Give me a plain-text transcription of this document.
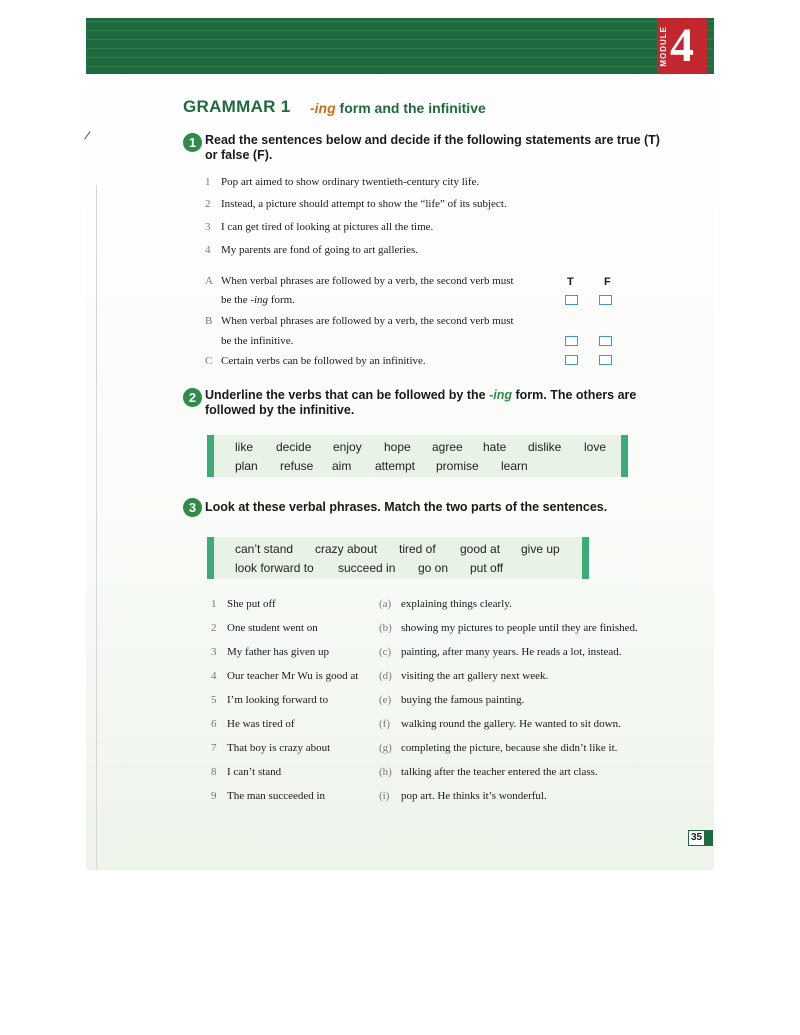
MODULE 4
GRAMMAR 1 -ing form and the infinitive
1 Read the sentences below and decide if the following statements are true (T) or false (F).
1 Pop art aimed to show ordinary twentieth-century city life.
2 Instead, a picture should attempt to show the “life” of its subject.
3 I can get tired of looking at pictures all the time.
4 My parents are fond of going to art galleries.
T	F
A When verbal phrases are followed by a verb, the second verb must
be the -ing form.
B When verbal phrases are followed by a verb, the second verb must
be the infinitive.
C Certain verbs can be followed by an infinitive.
2 Underline the verbs that can be followed by the -ing form. The others are followed by the infinitive.
like decide enjoy hope agree hate dislike love
plan refuse aim attempt promise learn
3 Look at these verbal phrases. Match the two parts of the sentences.
can’t stand crazy about tired of good at give up
look forward to succeed in go on put off
1 She put off	(a) explaining things clearly.
2 One student went on	(b) showing my pictures to people until they are finished.
3 My father has given up	(c) painting, after many years. He reads a lot, instead.
4 Our teacher Mr Wu is good at (d) visiting the art gallery next week.
5 I’m looking forward to	(e) buying the famous painting.
6 He was tired of	(f) walking round the gallery. He wanted to sit down.
7 That boy is crazy about	(g) completing the picture, because she didn’t like it.
8 I can’t stand	(h) talking after the teacher entered the art class.
9 The man succeeded in	(i) pop art. He thinks it’s wonderful.
35
